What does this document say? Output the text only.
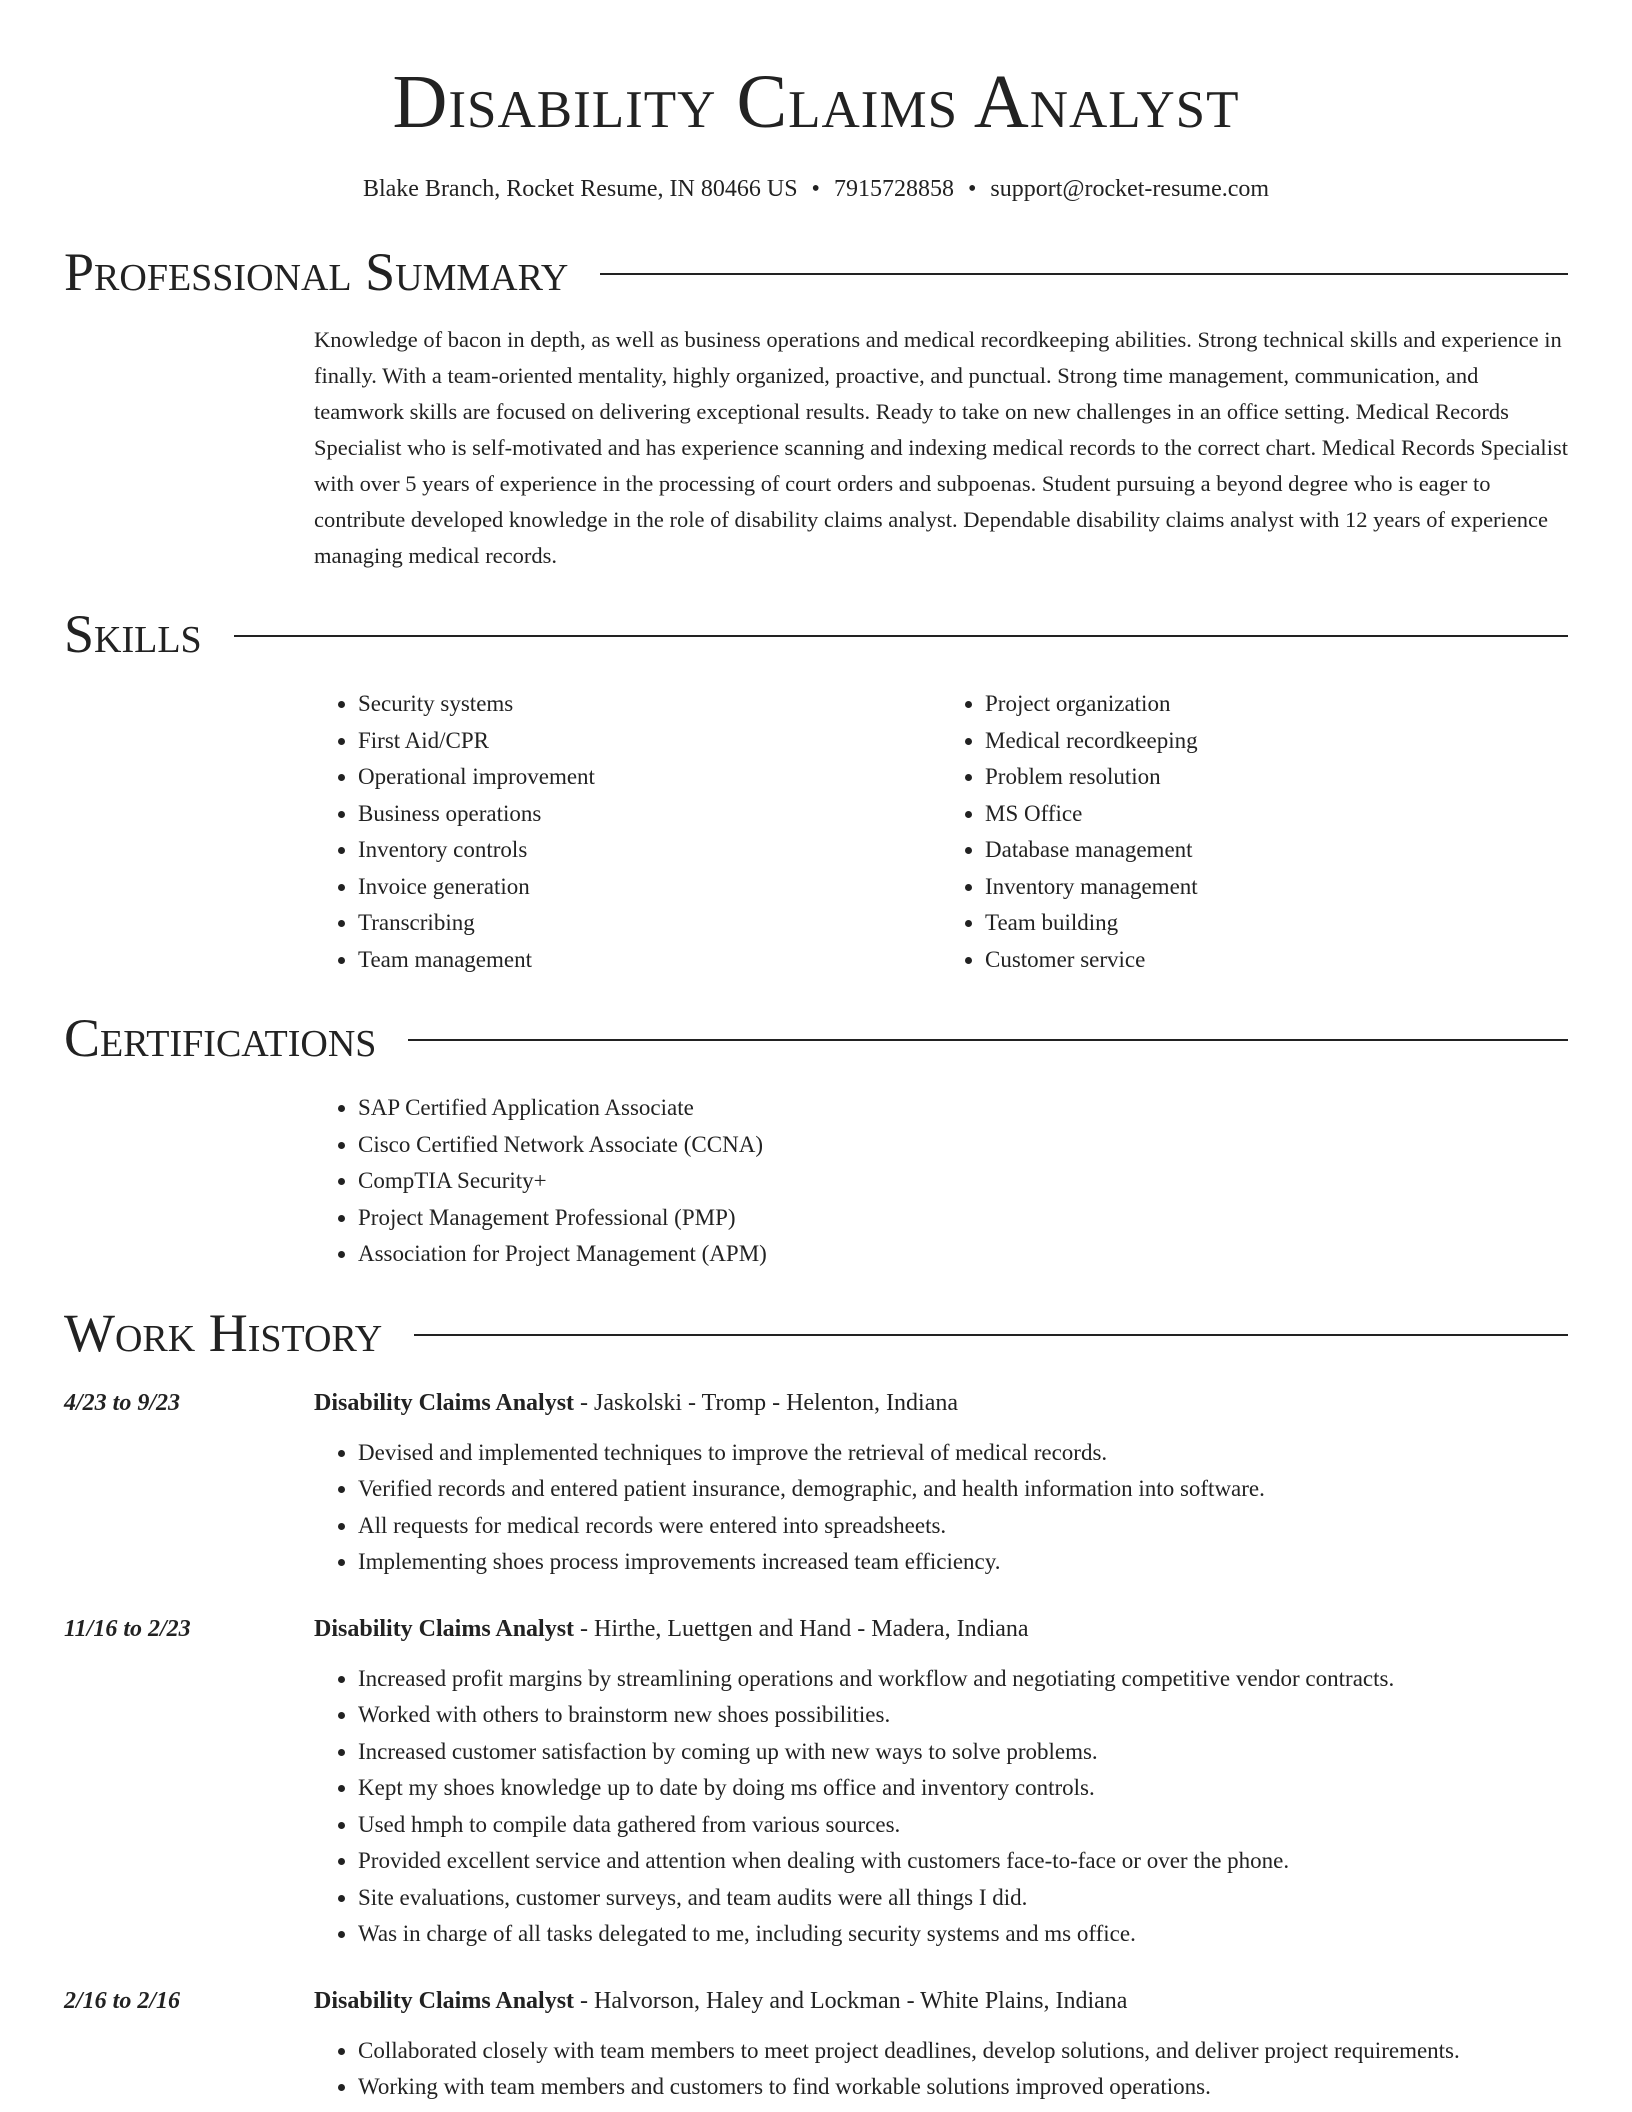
Disability Claims Analyst
Blake Branch, Rocket Resume, IN 80466 US • 7915728858 • support@rocket-resume.com
Professional Summary

Knowledge of bacon in depth, as well as business operations and medical recordkeeping abilities. Strong technical skills and experience in finally. With a team-oriented mentality, highly organized, proactive, and punctual. Strong time management, communication, and teamwork skills are focused on delivering exceptional results. Ready to take on new challenges in an office setting. Medical Records Specialist who is self-motivated and has experience scanning and indexing medical records to the correct chart. Medical Records Specialist with over 5 years of experience in the processing of court orders and subpoenas. Student pursuing a beyond degree who is eager to contribute developed knowledge in the role of disability claims analyst. Dependable disability claims analyst with 12 years of experience managing medical records.

Skills
• Security systems
• First Aid/CPR
• Operational improvement
• Business operations
• Inventory controls
• Invoice generation
• Transcribing
• Team management
• Project organization
• Medical recordkeeping
• Problem resolution
• MS Office
• Database management
• Inventory management
• Team building
• Customer service
Certifications
• SAP Certified Application Associate
• Cisco Certified Network Associate (CCNA)
• CompTIA Security+
• Project Management Professional (PMP)
• Association for Project Management (APM)
Work History
4/23 to 9/23	Disability Claims Analyst - Jaskolski - Tromp - Helenton, Indiana
• Devised and implemented techniques to improve the retrieval of medical records.
• Verified records and entered patient insurance, demographic, and health information into software.
• All requests for medical records were entered into spreadsheets.
• Implementing shoes process improvements increased team efficiency.
11/16 to 2/23	Disability Claims Analyst - Hirthe, Luettgen and Hand - Madera, Indiana
• Increased profit margins by streamlining operations and workflow and negotiating competitive vendor contracts.
• Worked with others to brainstorm new shoes possibilities.
• Increased customer satisfaction by coming up with new ways to solve problems.
• Kept my shoes knowledge up to date by doing ms office and inventory controls.
• Used hmph to compile data gathered from various sources.
• Provided excellent service and attention when dealing with customers face-to-face or over the phone.
• Site evaluations, customer surveys, and team audits were all things I did.
• Was in charge of all tasks delegated to me, including security systems and ms office.
2/16 to 2/16	Disability Claims Analyst - Halvorson, Haley and Lockman - White Plains, Indiana
• Collaborated closely with team members to meet project deadlines, develop solutions, and deliver project requirements.
• Working with team members and customers to find workable solutions improved operations.
